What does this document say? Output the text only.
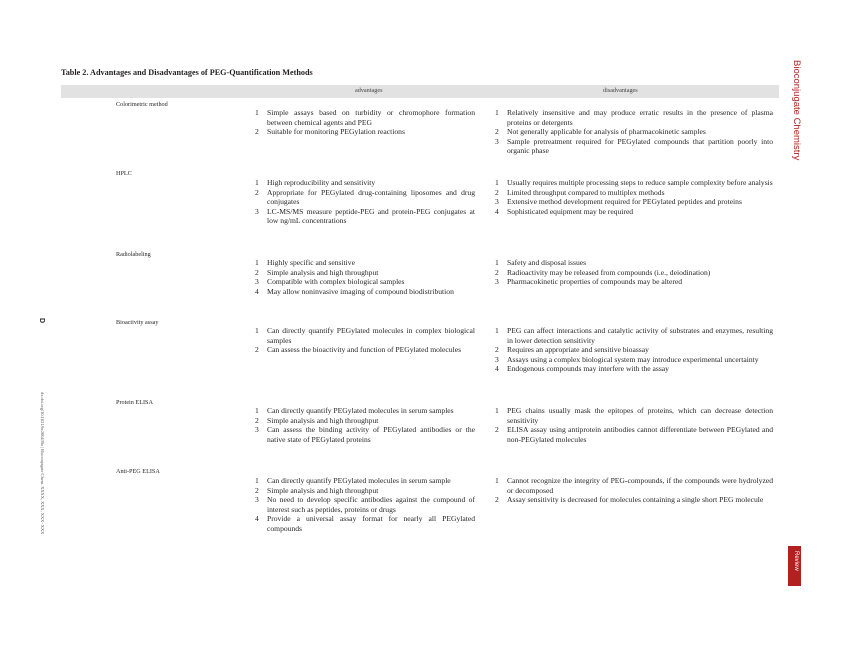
Table 2. Advantages and Disadvantages of PEG-Quantification Methods
advantages	disadvantages
Colorimetric method
1 Simple assays based on turbidity or chromophore formation between chemical agents and PEG
2 Suitable for monitoring PEGylation reactions
1 Relatively insensitive and may produce erratic results in the presence of plasma proteins or detergents
2 Not generally applicable for analysis of pharmacokinetic samples
3 Sample pretreatment required for PEGylated compounds that partition poorly into organic phase
HPLC
1 High reproducibility and sensitivity
2 Appropriate for PEGylated drug-containing liposomes and drug conjugates
3 LC-MS/MS measure peptide-PEG and protein-PEG conjugates at low ng/mL concentrations
1 Usually requires multiple processing steps to reduce sample complexity before analysis
2 Limited throughput compared to multiplex methods
3 Extensive method development required for PEGylated peptides and proteins
4 Sophisticated equipment may be required
Radiolabeling
1 Highly specific and sensitive
2 Simple analysis and high throughput
3 Compatible with complex biological samples
4 May allow noninvasive imaging of compound biodistribution
1 Safety and disposal issues
2 Radioactivity may be released from compounds (i.e., deiodination)
3 Pharmacokinetic properties of compounds may be altered
Bioactivity assay
1 Can directly quantify PEGylated molecules in complex biological samples
2 Can assess the bioactivity and function of PEGylated molecules
1 PEG can affect interactions and catalytic activity of substrates and enzymes, resulting in lower detection sensitivity
2 Requires an appropriate and sensitive bioassay
3 Assays using a complex biological system may introduce experimental uncertainty
4 Endogenous compounds may interfere with the assay
Protein ELISA
1 Can directly quantify PEGylated molecules in serum samples
2 Simple analysis and high throughput
3 Can assess the binding activity of PEGylated antibodies or the native state of PEGylated proteins
1 PEG chains usually mask the epitopes of proteins, which can decrease detection sensitivity
2 ELISA assay using antiprotein antibodies cannot differentiate between PEGylated and non-PEGylated molecules
Anti-PEG ELISA
1 Can directly quantify PEGylated molecules in serum sample
2 Simple analysis and high throughput
3 No need to develop specific antibodies against the compound of interest such as peptides, proteins or drugs
4 Provide a universal assay format for nearly all PEGylated compounds
1 Cannot recognize the integrity of PEG-compounds, if the compounds were hydrolyzed or decomposed
2 Assay sensitivity is decreased for molecules containing a single short PEG molecule
Bioconjugate Chemistry
Review
D
dx.doi.org/10.1021/bc200439a | Bioconjugate Chem. XXXX, XXX, XXX−XXX
